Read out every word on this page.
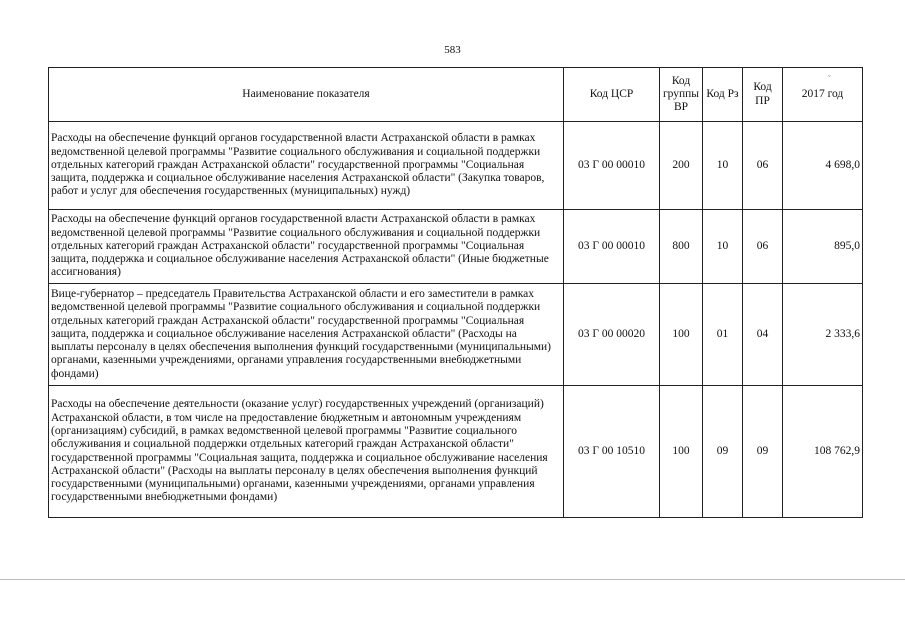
583
Наименование показателя	Код ЦСР	Код группы ВР	Код Рз	Код ПР	2017 год
Расходы на обеспечение функций органов государственной власти Астраханской области в рамках ведомственной целевой программы "Развитие социального обслуживания и социальной поддержки отдельных категорий граждан Астраханской области" государственной программы "Социальная защита, поддержка и социальное обслуживание населения Астраханской области" (Закупка товаров, работ и услуг для обеспечения государственных (муниципальных) нужд)	03 Г 00 00010	200	10	06	4 698,0
Расходы на обеспечение функций органов государственной власти Астраханской области в рамках ведомственной целевой программы "Развитие социального обслуживания и социальной поддержки отдельных категорий граждан Астраханской области" государственной программы "Социальная защита, поддержка и социальное обслуживание населения Астраханской области" (Иные бюджетные ассигнования)	03 Г 00 00010	800	10	06	895,0
Вице-губернатор – председатель Правительства Астраханской области и его заместители в рамках ведомственной целевой программы "Развитие социального обслуживания и социальной поддержки отдельных категорий граждан Астраханской области" государственной программы "Социальная защита, поддержка и социальное обслуживание населения Астраханской области" (Расходы на выплаты персоналу в целях обеспечения выполнения функций государственными (муниципальными) органами, казенными учреждениями, органами управления государственными внебюджетными фондами)	03 Г 00 00020	100	01	04	2 333,6
Расходы на обеспечение деятельности (оказание услуг) государственных учреждений (организаций) Астраханской области, в том числе на предоставление бюджетным и автономным учреждениям (организациям) субсидий, в рамках ведомственной целевой программы "Развитие социального обслуживания и социальной поддержки отдельных категорий граждан Астраханской области" государственной программы "Социальная защита, поддержка и социальное обслуживание населения Астраханской области" (Расходы на выплаты персоналу в целях обеспечения выполнения функций государственными (муниципальными) органами, казенными учреждениями, органами управления государственными внебюджетными фондами)	03 Г 00 10510	100	09	09	108 762,9
ˇ
